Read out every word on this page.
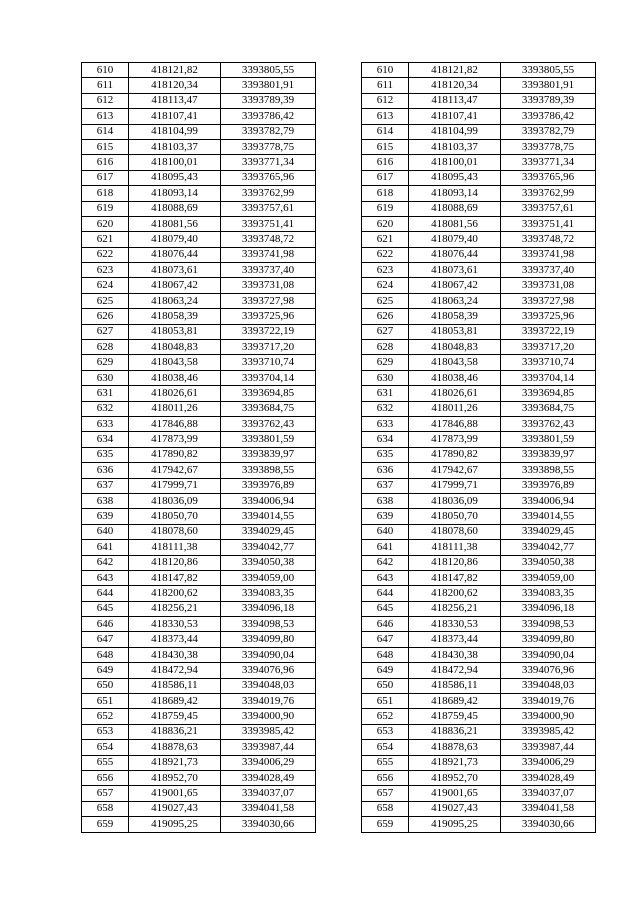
610	418121,82	3393805,55		610	418121,82	3393805,55
611	418120,34	3393801,91		611	418120,34	3393801,91
612	418113,47	3393789,39		612	418113,47	3393789,39
613	418107,41	3393786,42		613	418107,41	3393786,42
614	418104,99	3393782,79		614	418104,99	3393782,79
615	418103,37	3393778,75		615	418103,37	3393778,75
616	418100,01	3393771,34		616	418100,01	3393771,34
617	418095,43	3393765,96		617	418095,43	3393765,96
618	418093,14	3393762,99		618	418093,14	3393762,99
619	418088,69	3393757,61		619	418088,69	3393757,61
620	418081,56	3393751,41		620	418081,56	3393751,41
621	418079,40	3393748,72		621	418079,40	3393748,72
622	418076,44	3393741,98		622	418076,44	3393741,98
623	418073,61	3393737,40		623	418073,61	3393737,40
624	418067,42	3393731,08		624	418067,42	3393731,08
625	418063,24	3393727,98		625	418063,24	3393727,98
626	418058,39	3393725,96		626	418058,39	3393725,96
627	418053,81	3393722,19		627	418053,81	3393722,19
628	418048,83	3393717,20		628	418048,83	3393717,20
629	418043,58	3393710,74		629	418043,58	3393710,74
630	418038,46	3393704,14		630	418038,46	3393704,14
631	418026,61	3393694,85		631	418026,61	3393694,85
632	418011,26	3393684,75		632	418011,26	3393684,75
633	417846,88	3393762,43		633	417846,88	3393762,43
634	417873,99	3393801,59		634	417873,99	3393801,59
635	417890,82	3393839,97		635	417890,82	3393839,97
636	417942,67	3393898,55		636	417942,67	3393898,55
637	417999,71	3393976,89		637	417999,71	3393976,89
638	418036,09	3394006,94		638	418036,09	3394006,94
639	418050,70	3394014,55		639	418050,70	3394014,55
640	418078,60	3394029,45		640	418078,60	3394029,45
641	418111,38	3394042,77		641	418111,38	3394042,77
642	418120,86	3394050,38		642	418120,86	3394050,38
643	418147,82	3394059,00		643	418147,82	3394059,00
644	418200,62	3394083,35		644	418200,62	3394083,35
645	418256,21	3394096,18		645	418256,21	3394096,18
646	418330,53	3394098,53		646	418330,53	3394098,53
647	418373,44	3394099,80		647	418373,44	3394099,80
648	418430,38	3394090,04		648	418430,38	3394090,04
649	418472,94	3394076,96		649	418472,94	3394076,96
650	418586,11	3394048,03		650	418586,11	3394048,03
651	418689,42	3394019,76		651	418689,42	3394019,76
652	418759,45	3394000,90		652	418759,45	3394000,90
653	418836,21	3393985,42		653	418836,21	3393985,42
654	418878,63	3393987,44		654	418878,63	3393987,44
655	418921,73	3394006,29		655	418921,73	3394006,29
656	418952,70	3394028,49		656	418952,70	3394028,49
657	419001,65	3394037,07		657	419001,65	3394037,07
658	419027,43	3394041,58		658	419027,43	3394041,58
659	419095,25	3394030,66		659	419095,25	3394030,66
